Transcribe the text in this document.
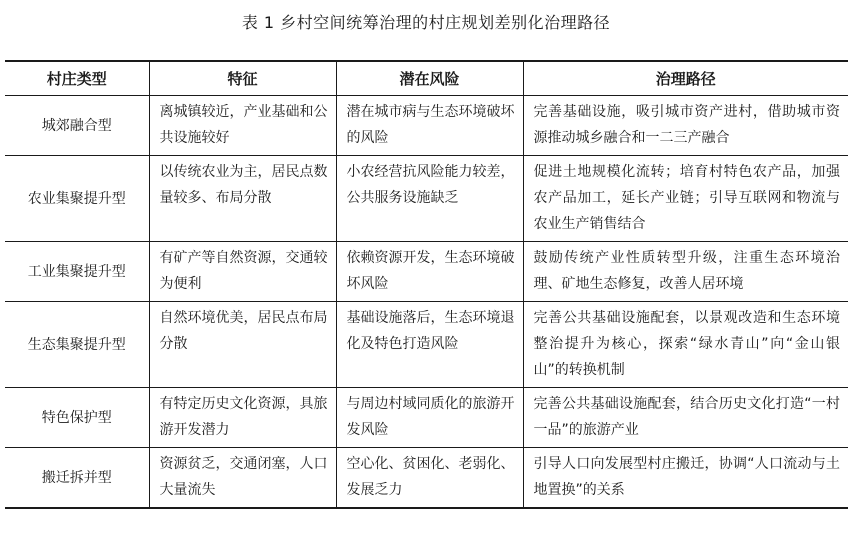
表 1 乡村空间统筹治理的村庄规划差别化治理路径
村庄类型	特征	潜在风险	治理路径
城郊融合型	离城镇较近，产业基础和公共设施较好	潜在城市病与生态环境破坏的风险	完善基础设施，吸引城市资产进村，借助城市资源推动城乡融合和一二三产融合
农业集聚提升型	以传统农业为主，居民点数量较多、布局分散	小农经营抗风险能力较差，公共服务设施缺乏	促进土地规模化流转；培育村特色农产品，加强农产品加工，延长产业链；引导互联网和物流与农业生产销售结合
工业集聚提升型	有矿产等自然资源，交通较为便利	依赖资源开发，生态环境破坏风险	鼓励传统产业性质转型升级，注重生态环境治理、矿地生态修复，改善人居环境
生态集聚提升型	自然环境优美，居民点布局分散	基础设施落后，生态环境退化及特色打造风险	完善公共基础设施配套，以景观改造和生态环境整治提升为核心，探索“绿水青山”向“金山银山”的转换机制
特色保护型	有特定历史文化资源，具旅游开发潜力	与周边村域同质化的旅游开发风险	完善公共基础设施配套，结合历史文化打造“一村一品”的旅游产业
搬迁拆并型	资源贫乏，交通闭塞，人口大量流失	空心化、贫困化、老弱化、发展乏力	引导人口向发展型村庄搬迁，协调“人口流动与土地置换”的关系
